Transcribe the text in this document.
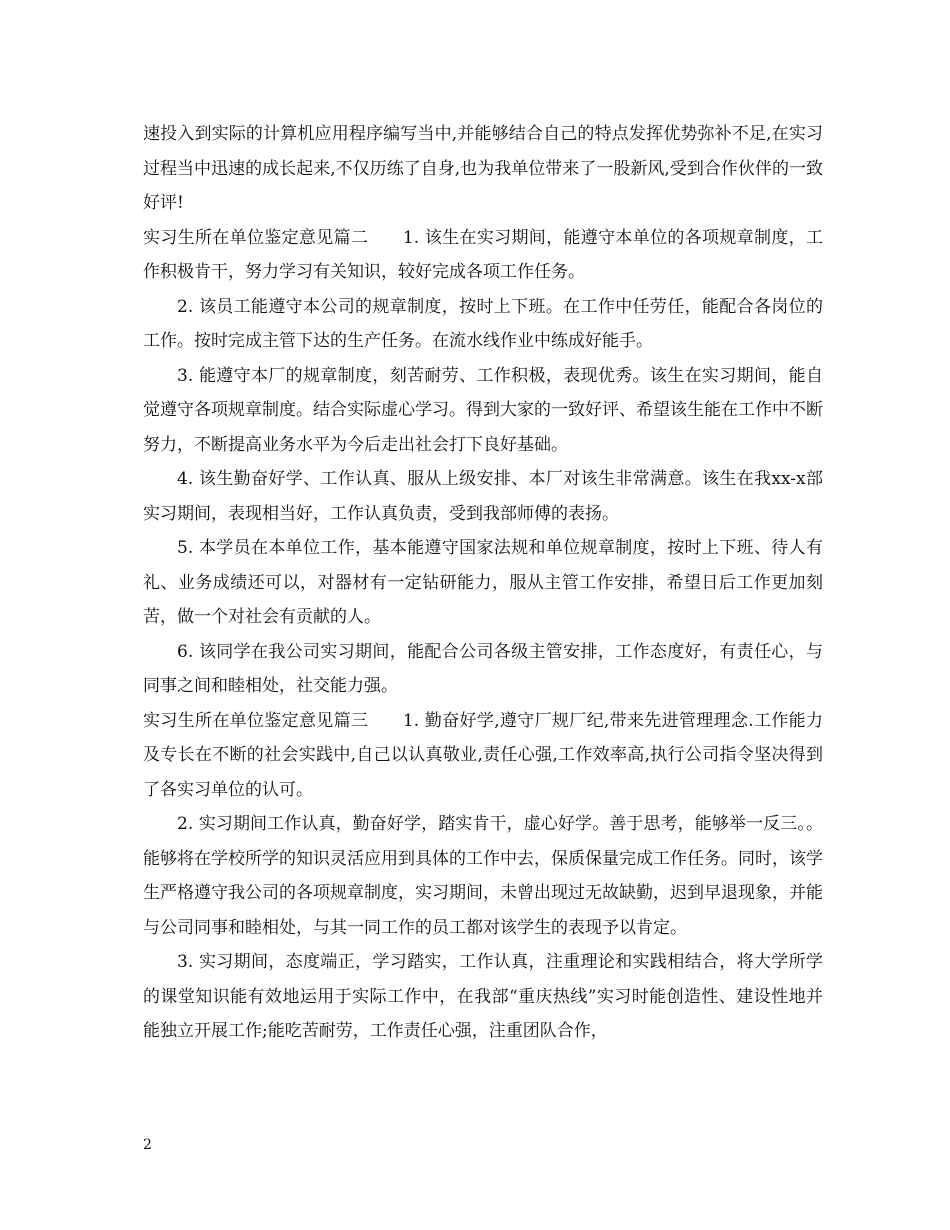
速投入到实际的计算机应用程序编写当中,并能够结合自己的特点发挥优势弥补不足,在实习过程当中迅速的成长起来,不仅历练了自身,也为我单位带来了一股新风,受到合作伙伴的一致好评!

实习生所在单位鉴定意见篇二　　1. 该生在实习期间，能遵守本单位的各项规章制度，工作积极肯干，努力学习有关知识，较好完成各项工作任务。

2. 该员工能遵守本公司的规章制度，按时上下班。在工作中任劳任，能配合各岗位的工作。按时完成主管下达的生产任务。在流水线作业中练成好能手。

3. 能遵守本厂的规章制度，刻苦耐劳、工作积极，表现优秀。该生在实习期间，能自觉遵守各项规章制度。结合实际虚心学习。得到大家的一致好评、希望该生能在工作中不断努力，不断提高业务水平为今后走出社会打下良好基础。

4. 该生勤奋好学、工作认真、服从上级安排、本厂对该生非常满意。该生在我xx-x部实习期间，表现相当好，工作认真负责，受到我部师傅的表扬。

5. 本学员在本单位工作，基本能遵守国家法规和单位规章制度，按时上下班、待人有礼、业务成绩还可以，对器材有一定钻研能力，服从主管工作安排，希望日后工作更加刻苦，做一个对社会有贡献的人。

6. 该同学在我公司实习期间，能配合公司各级主管安排，工作态度好，有责任心，与同事之间和睦相处，社交能力强。

实习生所在单位鉴定意见篇三　　1. 勤奋好学,遵守厂规厂纪,带来先进管理理念.工作能力及专长在不断的社会实践中,自己以认真敬业,责任心强,工作效率高,执行公司指令坚决得到了各实习单位的认可。

2. 实习期间工作认真，勤奋好学，踏实肯干，虚心好学。善于思考，能够举一反三。。能够将在学校所学的知识灵活应用到具体的工作中去，保质保量完成工作任务。同时，该学生严格遵守我公司的各项规章制度，实习期间，未曾出现过无故缺勤，迟到早退现象，并能与公司同事和睦相处，与其一同工作的员工都对该学生的表现予以肯定。

3. 实习期间，态度端正，学习踏实，工作认真，注重理论和实践相结合，将大学所学的课堂知识能有效地运用于实际工作中，在我部“重庆热线”实习时能创造性、建设性地并能独立开展工作;能吃苦耐劳，工作责任心强，注重团队合作，

2
